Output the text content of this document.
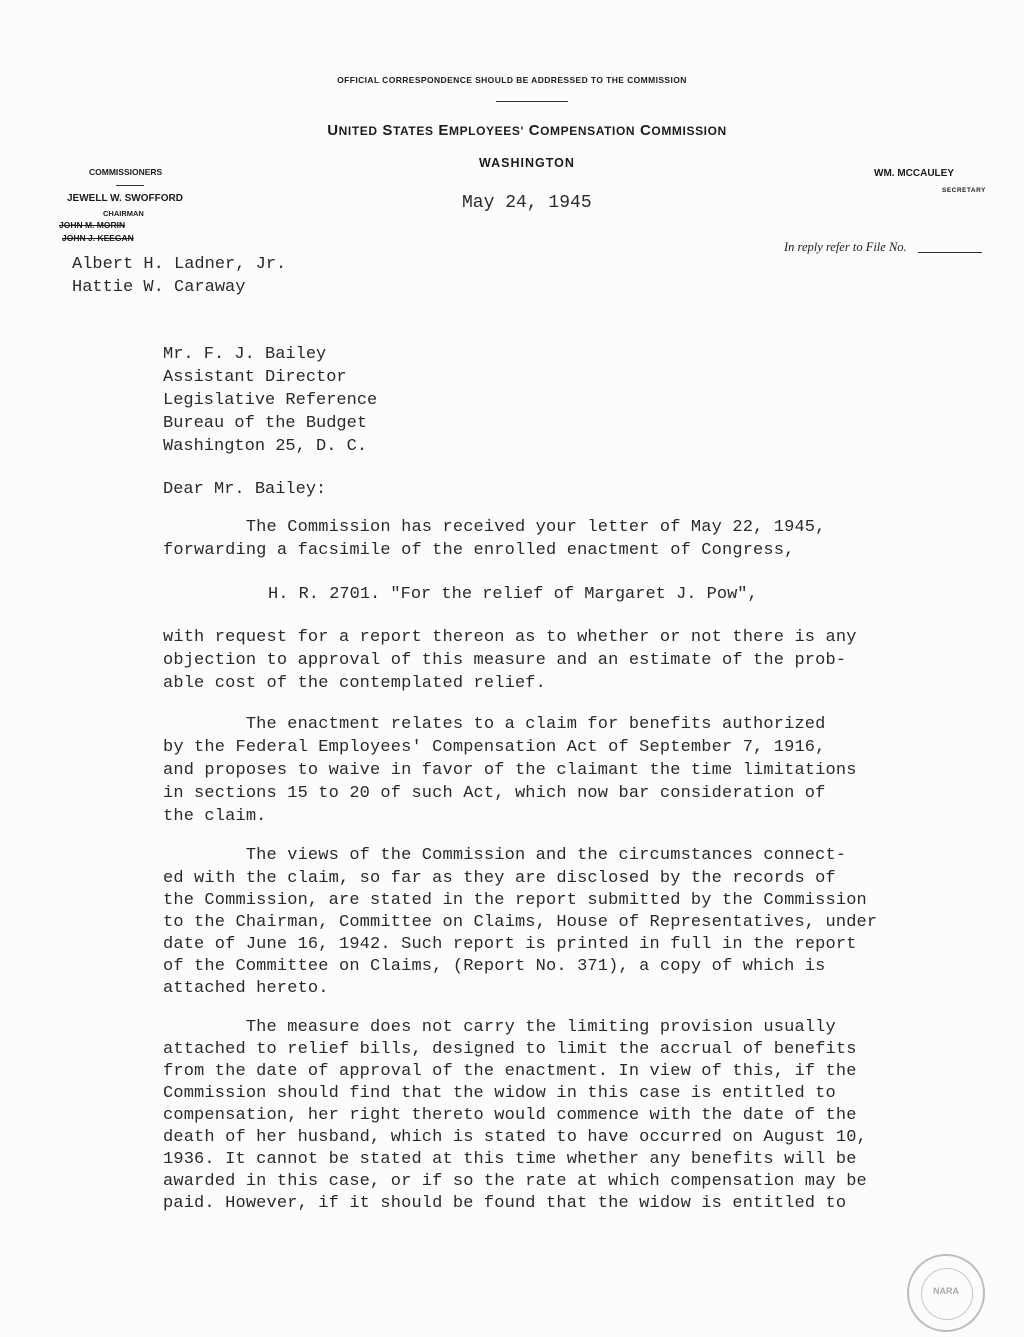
OFFICIAL CORRESPONDENCE SHOULD BE ADDRESSED TO THE COMMISSION
UNITED STATES EMPLOYEES' COMPENSATION COMMISSION
WASHINGTON
COMMISSIONERS
JEWELL W. SWOFFORD
CHAIRMAN
JOHN M. MORIN
JOHN J. KEEGAN
Albert H. Ladner, Jr.
Hattie W. Caraway
May 24, 1945
WM. MCCAULEY
SECRETARY
In reply refer to File No.
Mr. F. J. Bailey
Assistant Director
Legislative Reference
Bureau of the Budget
Washington 25, D. C.
Dear Mr. Bailey:
The Commission has received your letter of May 22, 1945,
forwarding a facsimile of the enrolled enactment of Congress,
H. R. 2701. "For the relief of Margaret J. Pow",
with request for a report thereon as to whether or not there is any
objection to approval of this measure and an estimate of the prob-
able cost of the contemplated relief.
The enactment relates to a claim for benefits authorized
by the Federal Employees' Compensation Act of September 7, 1916,
and proposes to waive in favor of the claimant the time limitations
in sections 15 to 20 of such Act, which now bar consideration of
the claim.
The views of the Commission and the circumstances connect-
ed with the claim, so far as they are disclosed by the records of
the Commission, are stated in the report submitted by the Commission
to the Chairman, Committee on Claims, House of Representatives, under
date of June 16, 1942. Such report is printed in full in the report
of the Committee on Claims, (Report No. 371), a copy of which is
attached hereto.
The measure does not carry the limiting provision usually
attached to relief bills, designed to limit the accrual of benefits
from the date of approval of the enactment. In view of this, if the
Commission should find that the widow in this case is entitled to
compensation, her right thereto would commence with the date of the
death of her husband, which is stated to have occurred on August 10,
1936. It cannot be stated at this time whether any benefits will be
awarded in this case, or if so the rate at which compensation may be
paid. However, if it should be found that the widow is entitled to
NARA
